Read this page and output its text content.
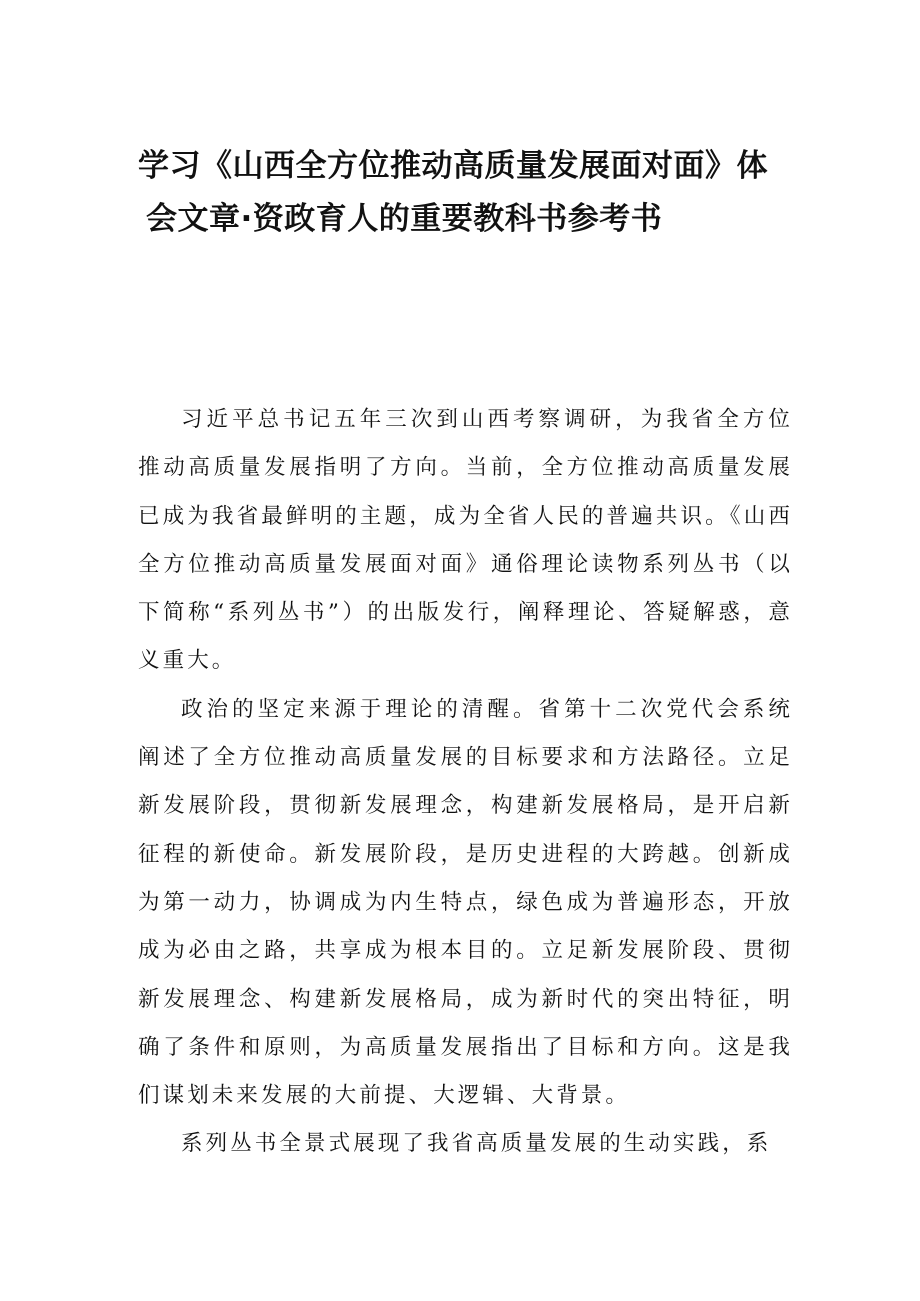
学习《山西全方位推动高质量发展面对面》体
会文章·资政育人的重要教科书参考书

习近平总书记五年三次到山西考察调研，为我省全方位推动高质量发展指明了方向。当前，全方位推动高质量发展已成为我省最鲜明的主题，成为全省人民的普遍共识。《山西全方位推动高质量发展面对面》通俗理论读物系列丛书（以下简称“系列丛书”）的出版发行，阐释理论、答疑解惑，意义重大。

政治的坚定来源于理论的清醒。省第十二次党代会系统阐述了全方位推动高质量发展的目标要求和方法路径。立足新发展阶段，贯彻新发展理念，构建新发展格局，是开启新征程的新使命。新发展阶段，是历史进程的大跨越。创新成为第一动力，协调成为内生特点，绿色成为普遍形态，开放成为必由之路，共享成为根本目的。立足新发展阶段、贯彻新发展理念、构建新发展格局，成为新时代的突出特征，明确了条件和原则，为高质量发展指出了目标和方向。这是我们谋划未来发展的大前提、大逻辑、大背景。

系列丛书全景式展现了我省高质量发展的生动实践，系
